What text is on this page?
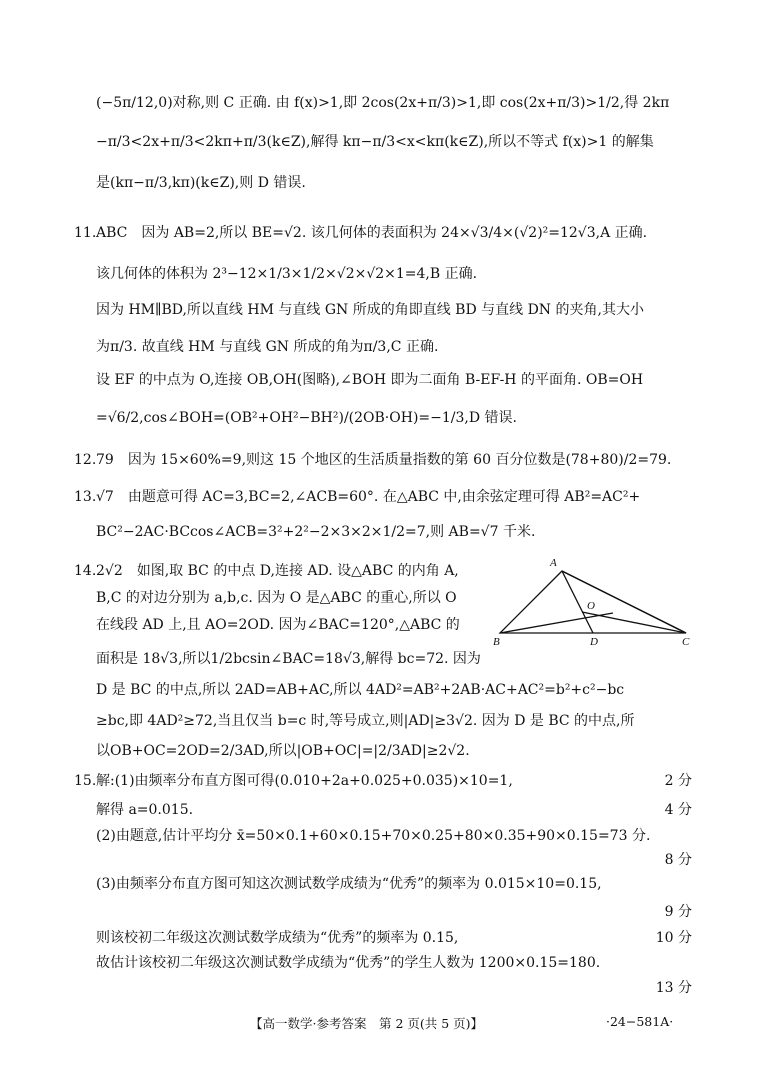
(−5π/12,0)对称,则 C 正确. 由 f(x)>1,即 2cos(2x+π/3)>1,即 cos(2x+π/3)>1/2,得 2kπ
−π/3<2x+π/3<2kπ+π/3(k∈Z),解得 kπ−π/3<x<kπ(k∈Z),所以不等式 f(x)>1 的解集
是(kπ−π/3,kπ)(k∈Z),则 D 错误.
11. ABC　因为 AB=2,所以 BE=√2. 该几何体的表面积为 24×√3/4×(√2)²=12√3,A 正确.
该几何体的体积为 2³−12×1/3×1/2×√2×√2×1=4,B 正确.
因为 HM∥BD,所以直线 HM 与直线 GN 所成的角即直线 BD 与直线 DN 的夹角,其大小
为π/3. 故直线 HM 与直线 GN 所成的角为π/3,C 正确.
设 EF 的中点为 O,连接 OB,OH(图略),∠BOH 即为二面角 B-EF-H 的平面角. OB=OH
=√6/2,cos∠BOH=(OB²+OH²−BH²)/(2OB·OH)=−1/3,D 错误.
12. 79　因为 15×60%=9,则这 15 个地区的生活质量指数的第 60 百分位数是(78+80)/2=79.
13. √7　由题意可得 AC=3,BC=2,∠ACB=60°. 在△ABC 中,由余弦定理可得 AB²=AC²+
BC²−2AC·BCcos∠ACB=3²+2²−2×3×2×1/2=7,则 AB=√7 千米.
14. 2√2　如图,取 BC 的中点 D,连接 AD. 设△ABC 的内角 A,
B,C 的对边分别为 a,b,c. 因为 O 是△ABC 的重心,所以 O
在线段 AD 上,且 AO=2OD. 因为∠BAC=120°,△ABC 的
面积是 18√3,所以1/2bcsin∠BAC=18√3,解得 bc=72. 因为
D 是 BC 的中点,所以 2AD=AB+AC,所以 4AD²=AB²+2AB·AC+AC²=b²+c²−bc
≥bc,即 4AD²≥72,当且仅当 b=c 时,等号成立,则|AD|≥3√2. 因为 D 是 BC 的中点,所
以OB+OC=2OD=2/3AD,所以|OB+OC|=|2/3AD|≥2√2.
A
O
B	D	C
15. 解:(1)由频率分布直方图可得(0.010+2a+0.025+0.035)×10=1,	2 分
解得 a=0.015.	4 分
(2)由题意,估计平均分 x̄=50×0.1+60×0.15+70×0.25+80×0.35+90×0.15=73 分.
8 分
(3)由频率分布直方图可知这次测试数学成绩为“优秀”的频率为 0.015×10=0.15,
9 分
则该校初二年级这次测试数学成绩为“优秀”的频率为 0.15,	10 分
故估计该校初二年级这次测试数学成绩为“优秀”的学生人数为 1200×0.15=180.
13 分
【高一数学·参考答案　第 2 页(共 5 页)】	·24−581A·
